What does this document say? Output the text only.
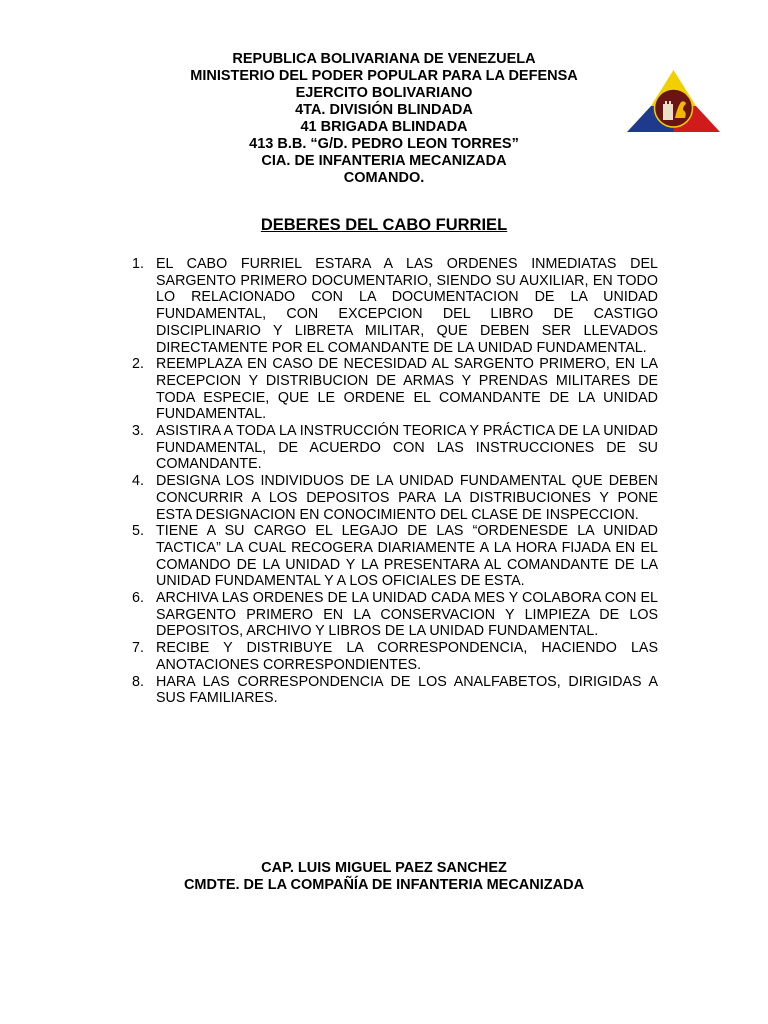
REPUBLICA BOLIVARIANA DE VENEZUELA
MINISTERIO DEL PODER POPULAR PARA LA DEFENSA
EJERCITO BOLIVARIANO
4TA. DIVISIÓN BLINDADA
41 BRIGADA BLINDADA
413 B.B. “G/D. PEDRO LEON TORRES”
CIA. DE INFANTERIA MECANIZADA
COMANDO.
DEBERES DEL CABO FURRIEL
1. EL CABO FURRIEL ESTARA A LAS ORDENES INMEDIATAS DEL SARGENTO PRIMERO DOCUMENTARIO, SIENDO SU AUXILIAR, EN TODO LO RELACIONADO CON LA DOCUMENTACION DE LA UNIDAD FUNDAMENTAL, CON EXCEPCION DEL LIBRO DE CASTIGO DISCIPLINARIO Y LIBRETA MILITAR, QUE DEBEN SER LLEVADOS DIRECTAMENTE POR EL COMANDANTE DE LA UNIDAD FUNDAMENTAL.
2. REEMPLAZA EN CASO DE NECESIDAD AL SARGENTO PRIMERO, EN LA RECEPCION Y DISTRIBUCION DE ARMAS Y PRENDAS MILITARES DE TODA ESPECIE, QUE LE ORDENE EL COMANDANTE DE LA UNIDAD FUNDAMENTAL.
3. ASISTIRA A TODA LA INSTRUCCIÓN TEORICA Y PRÁCTICA DE LA UNIDAD FUNDAMENTAL, DE ACUERDO CON LAS INSTRUCCIONES DE SU COMANDANTE.
4. DESIGNA LOS INDIVIDUOS DE LA UNIDAD FUNDAMENTAL QUE DEBEN CONCURRIR A LOS DEPOSITOS PARA LA DISTRIBUCIONES Y PONE ESTA DESIGNACION EN CONOCIMIENTO DEL CLASE DE INSPECCION.
5. TIENE A SU CARGO EL LEGAJO DE LAS “ORDENESDE LA UNIDAD TACTICA” LA CUAL RECOGERA DIARIAMENTE A LA HORA FIJADA EN EL COMANDO DE LA UNIDAD Y LA PRESENTARA AL COMANDANTE DE LA UNIDAD FUNDAMENTAL Y A LOS OFICIALES DE ESTA.
6. ARCHIVA LAS ORDENES DE LA UNIDAD CADA MES Y COLABORA CON EL SARGENTO PRIMERO EN LA CONSERVACION Y LIMPIEZA DE LOS DEPOSITOS, ARCHIVO Y LIBROS DE LA UNIDAD FUNDAMENTAL.
7. RECIBE Y DISTRIBUYE LA CORRESPONDENCIA, HACIENDO LAS ANOTACIONES CORRESPONDIENTES.
8. HARA LAS CORRESPONDENCIA DE LOS ANALFABETOS, DIRIGIDAS A SUS FAMILIARES.
CAP. LUIS MIGUEL PAEZ SANCHEZ
CMDTE. DE LA COMPAÑÍA DE INFANTERIA MECANIZADA
